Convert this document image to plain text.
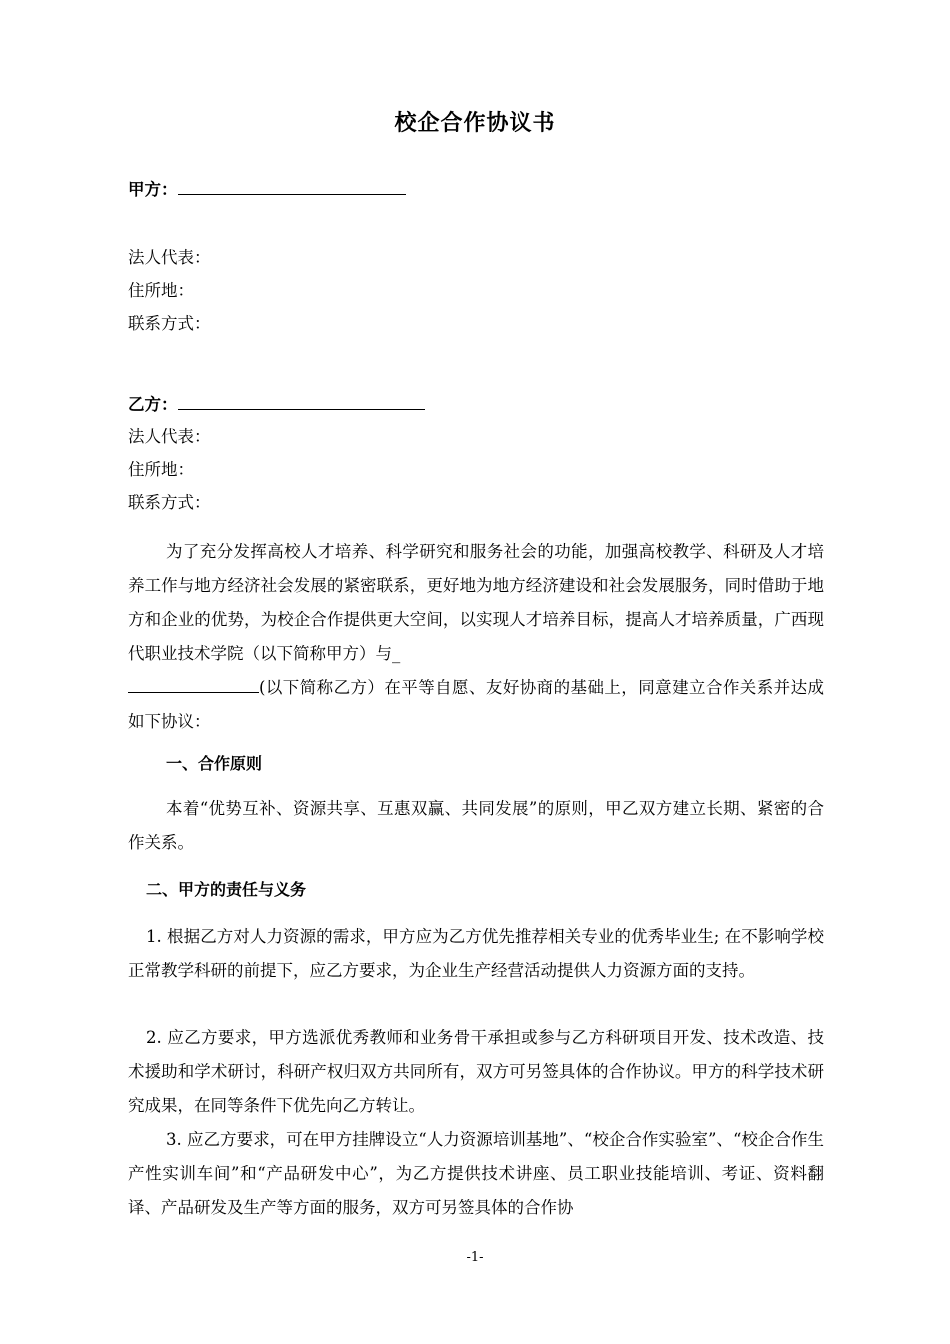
校企合作协议书
甲方：
法人代表：
住所地：
联系方式：
乙方：
法人代表：
住所地：
联系方式：
为了充分发挥高校人才培养、科学研究和服务社会的功能，加强高校教学、科研及人才培养工作与地方经济社会发展的紧密联系，更好地为地方经济建设和社会发展服务，同时借助于地方和企业的优势，为校企合作提供更大空间，以实现人才培养目标，提高人才培养质量，广西现代职业技术学院（以下简称甲方）与_
(以下简称乙方）在平等自愿、友好协商的基础上，同意建立合作关系并达成如下协议：
一、合作原则
本着“优势互补、资源共享、互惠双赢、共同发展”的原则，甲乙双方建立长期、紧密的合作关系。
二、甲方的责任与义务
1. 根据乙方对人力资源的需求，甲方应为乙方优先推荐相关专业的优秀毕业生; 在不影响学校正常教学科研的前提下，应乙方要求，为企业生产经营活动提供人力资源方面的支持。
2. 应乙方要求，甲方选派优秀教师和业务骨干承担或参与乙方科研项目开发、技术改造、技术援助和学术研讨，科研产权归双方共同所有，双方可另签具体的合作协议。甲方的科学技术研究成果，在同等条件下优先向乙方转让。
3. 应乙方要求，可在甲方挂牌设立“人力资源培训基地”、“校企合作实验室”、“校企合作生产性实训车间”和“产品研发中心”，为乙方提供技术讲座、员工职业技能培训、考证、资料翻译、产品研发及生产等方面的服务，双方可另签具体的合作协
-1-
